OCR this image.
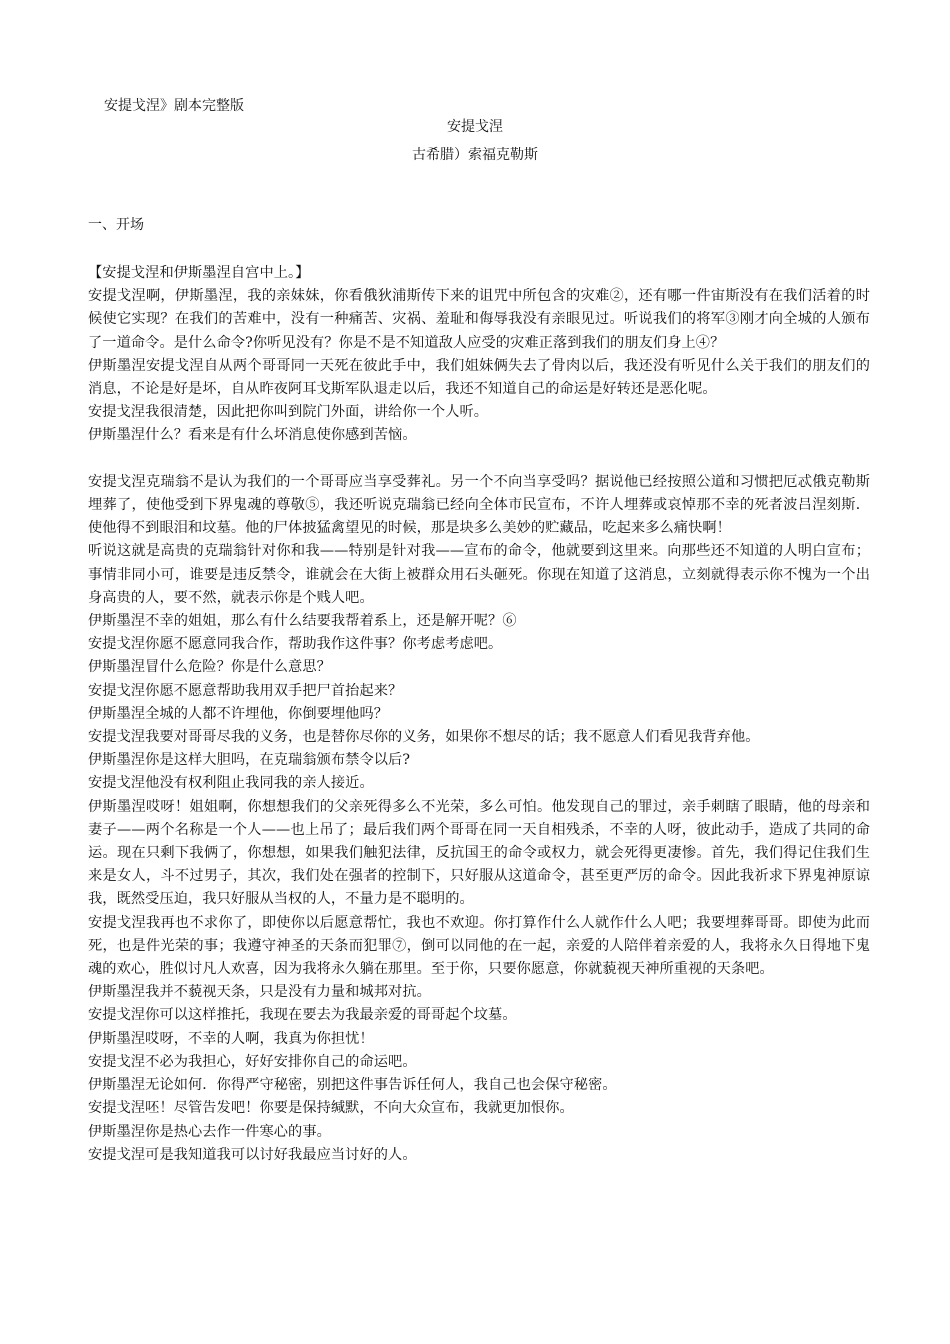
安提戈涅》剧本完整版
安提戈涅
古希腊）索福克勒斯
一、开场

【安提戈涅和伊斯墨涅自宫中上。】

安提戈涅啊，伊斯墨涅，我的亲妹妹，你看俄狄浦斯传下来的诅咒中所包含的灾难②，还有哪一件宙斯没有在我们活着的时候使它实现？在我们的苦难中，没有一种痛苦、灾祸、羞耻和侮辱我没有亲眼见过。听说我们的将军③刚才向全城的人颁布了一道命令。是什么命令?你听见没有？你是不是不知道敌人应受的灾难正落到我们的朋友们身上④？

伊斯墨涅安提戈涅自从两个哥哥同一天死在彼此手中，我们姐妹俩失去了骨肉以后，我还没有听见什么关于我们的朋友们的消息，不论是好是坏，自从昨夜阿耳戈斯军队退走以后，我还不知道自己的命运是好转还是恶化呢。

安提戈涅我很清楚，因此把你叫到院门外面，讲给你一个人听。

伊斯墨涅什么？看来是有什么坏消息使你感到苦恼。

安提戈涅克瑞翁不是认为我们的一个哥哥应当享受葬礼。另一个不向当享受吗？据说他已经按照公道和习惯把厄忒俄克勒斯埋葬了，使他受到下界鬼魂的尊敬⑤，我还听说克瑞翁已经向全体市民宣布，不许人埋葬或哀悼那不幸的死者波吕涅刻斯．使他得不到眼泪和坟墓。他的尸体披猛禽望见的时候，那是块多么美妙的贮藏品，吃起来多么痛快啊！

听说这就是高贵的克瑞翁针对你和我——特别是针对我——宣布的命令，他就要到这里来。向那些还不知道的人明白宣布；事情非同小可，谁要是违反禁令，谁就会在大街上被群众用石头砸死。你现在知道了这消息，立刻就得表示你不愧为一个出身高贵的人，要不然，就表示你是个贱人吧。

伊斯墨涅不幸的姐姐，那么有什么结要我帮着系上，还是解开呢？⑥

安提戈涅你愿不愿意同我合作，帮助我作这件事？你考虑考虑吧。

伊斯墨涅冒什么危险？你是什么意思？

安提戈涅你愿不愿意帮助我用双手把尸首抬起来？

伊斯墨涅全城的人都不许埋他，你倒要埋他吗？

安提戈涅我要对哥哥尽我的义务，也是替你尽你的义务，如果你不想尽的话；我不愿意人们看见我背弃他。

伊斯墨涅你是这样大胆吗，在克瑞翁颁布禁令以后?

安提戈涅他没有权利阻止我同我的亲人接近。

伊斯墨涅哎呀！姐姐啊，你想想我们的父亲死得多么不光荣，多么可怕。他发现自己的罪过，亲手刺瞎了眼睛，他的母亲和妻子——两个名称是一个人——也上吊了；最后我们两个哥哥在同一天自相残杀，不幸的人呀，彼此动手，造成了共同的命运。现在只剩下我俩了，你想想，如果我们触犯法律，反抗国王的命令或权力，就会死得更凄惨。首先，我们得记住我们生来是女人，斗不过男子，其次，我们处在强者的控制下，只好服从这道命令，甚至更严厉的命令。因此我祈求下界鬼神原谅我，既然受压迫，我只好服从当权的人，不量力是不聪明的。

安提戈涅我再也不求你了，即使你以后愿意帮忙，我也不欢迎。你打算作什么人就作什么人吧；我要埋葬哥哥。即使为此而死，也是件光荣的事；我遵守神圣的天条而犯罪⑦，倒可以同他的在一起，亲爱的人陪伴着亲爱的人，我将永久日得地下鬼魂的欢心，胜似讨凡人欢喜，因为我将永久躺在那里。至于你，只要你愿意，你就藐视天神所重视的天条吧。

伊斯墨涅我并不藐视天条，只是没有力量和城邦对抗。

安提戈涅你可以这样推托，我现在要去为我最亲爱的哥哥起个坟墓。

伊斯墨涅哎呀，不幸的人啊，我真为你担忧！

安提戈涅不必为我担心，好好安排你自己的命运吧。

伊斯墨涅无论如何．你得严守秘密，别把这件事告诉任何人，我自己也会保守秘密。

安提戈涅呸！尽管告发吧！你要是保持缄默，不向大众宣布，我就更加恨你。

伊斯墨涅你是热心去作一件寒心的事。

安提戈涅可是我知道我可以讨好我最应当讨好的人。
